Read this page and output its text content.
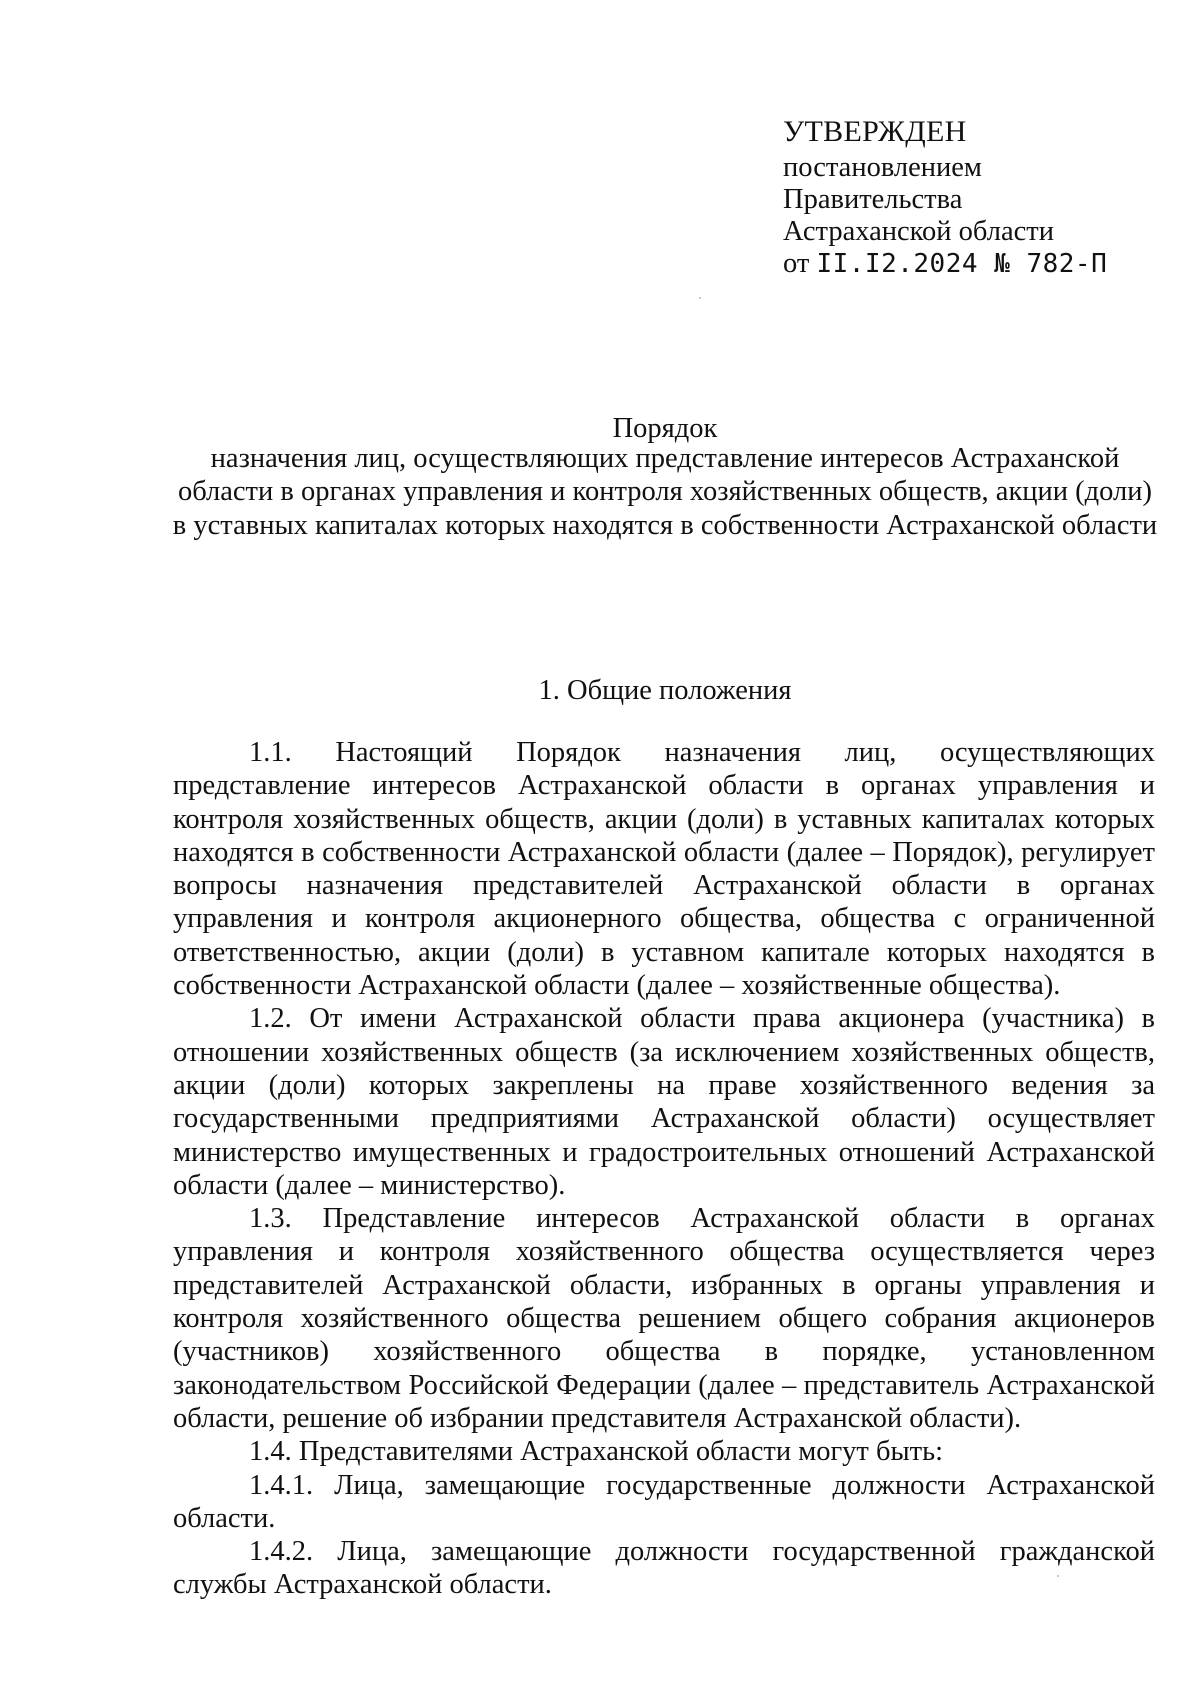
УТВЕРЖДЕН
постановлением
Правительства
Астраханской области
от II.I2.2024 № 782-П
Порядок
назначения лиц, осуществляющих представление интересов Астраханской области в органах управления и контроля хозяйственных обществ, акции (доли) в уставных капиталах которых находятся в собственности Астраханской области
1. Общие положения

1.1. Настоящий Порядок назначения лиц, осуществляющих представление интересов Астраханской области в органах управления и контроля хозяйственных обществ, акции (доли) в уставных капиталах которых находятся в собственности Астраханской области (далее – Порядок), регулирует вопросы назначения представителей Астраханской области в органах управления и контроля акционерного общества, общества с ограниченной ответственностью, акции (доли) в уставном капитале которых находятся в собственности Астраханской области (далее – хозяйственные общества).

1.2. От имени Астраханской области права акционера (участника) в отношении хозяйственных обществ (за исключением хозяйственных обществ, акции (доли) которых закреплены на праве хозяйственного ведения за государственными предприятиями Астраханской области) осуществляет министерство имущественных и градостроительных отношений Астраханской области (далее – министерство).

1.3. Представление интересов Астраханской области в органах управления и контроля хозяйственного общества осуществляется через представителей Астраханской области, избранных в органы управления и контроля хозяйственного общества решением общего собрания акционеров (участников) хозяйственного общества в порядке, установленном законодательством Российской Федерации (далее – представитель Астраханской области, решение об избрании представителя Астраханской области).

1.4. Представителями Астраханской области могут быть:

1.4.1. Лица, замещающие государственные должности Астраханской области.

1.4.2. Лица, замещающие должности государственной гражданской службы Астраханской области.
